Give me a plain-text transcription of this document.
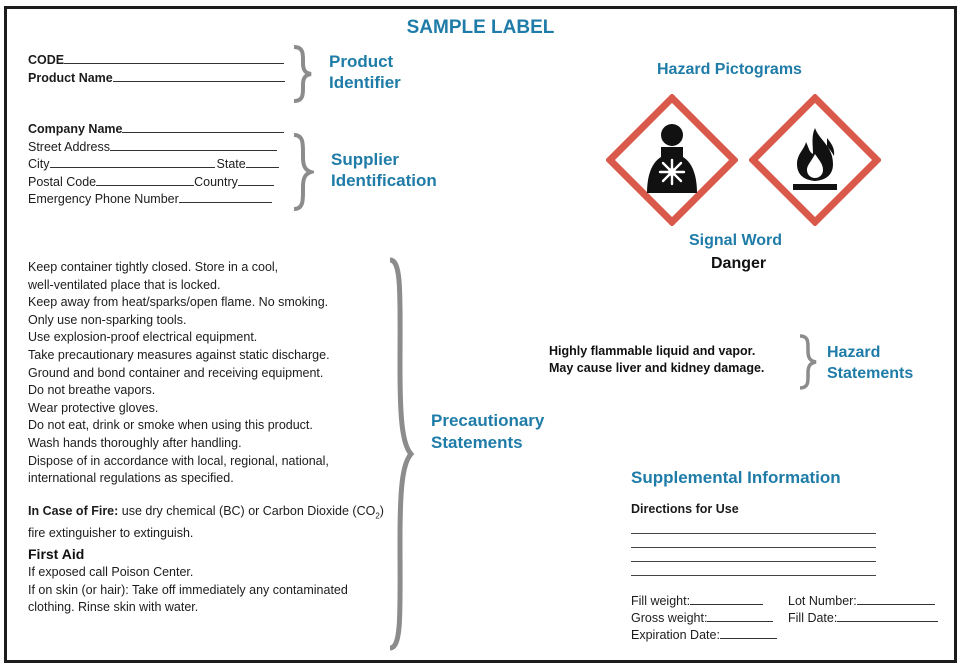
SAMPLE LABEL
CODE
Product Name
Product
Identifier
Company Name
Street Address
City	State
Postal Code	Country
Emergency Phone Number
Supplier
Identification
Hazard Pictograms
Signal Word
Danger
Highly flammable liquid and vapor.
May cause liver and kidney damage.
Hazard
Statements
Keep container tightly closed. Store in a cool,
well-ventilated place that is locked.
Keep away from heat/sparks/open flame. No smoking.
Only use non-sparking tools.
Use explosion-proof electrical equipment.
Take precautionary measures against static discharge.
Ground and bond container and receiving equipment.
Do not breathe vapors.
Wear protective gloves.
Do not eat, drink or smoke when using this product.
Wash hands thoroughly after handling.
Dispose of in accordance with local, regional, national,
international regulations as specified.
In Case of Fire: use dry chemical (BC) or Carbon Dioxide $(CO_2)$
fire extinguisher to extinguish.
First Aid
If exposed call Poison Center.
If on skin (or hair): Take off immediately any contaminated
clothing. Rinse skin with water.
Precautionary
Statements
Supplemental Information
Directions for Use
Fill weight:	Lot Number:
Gross weight:	Fill Date:
Expiration Date:
